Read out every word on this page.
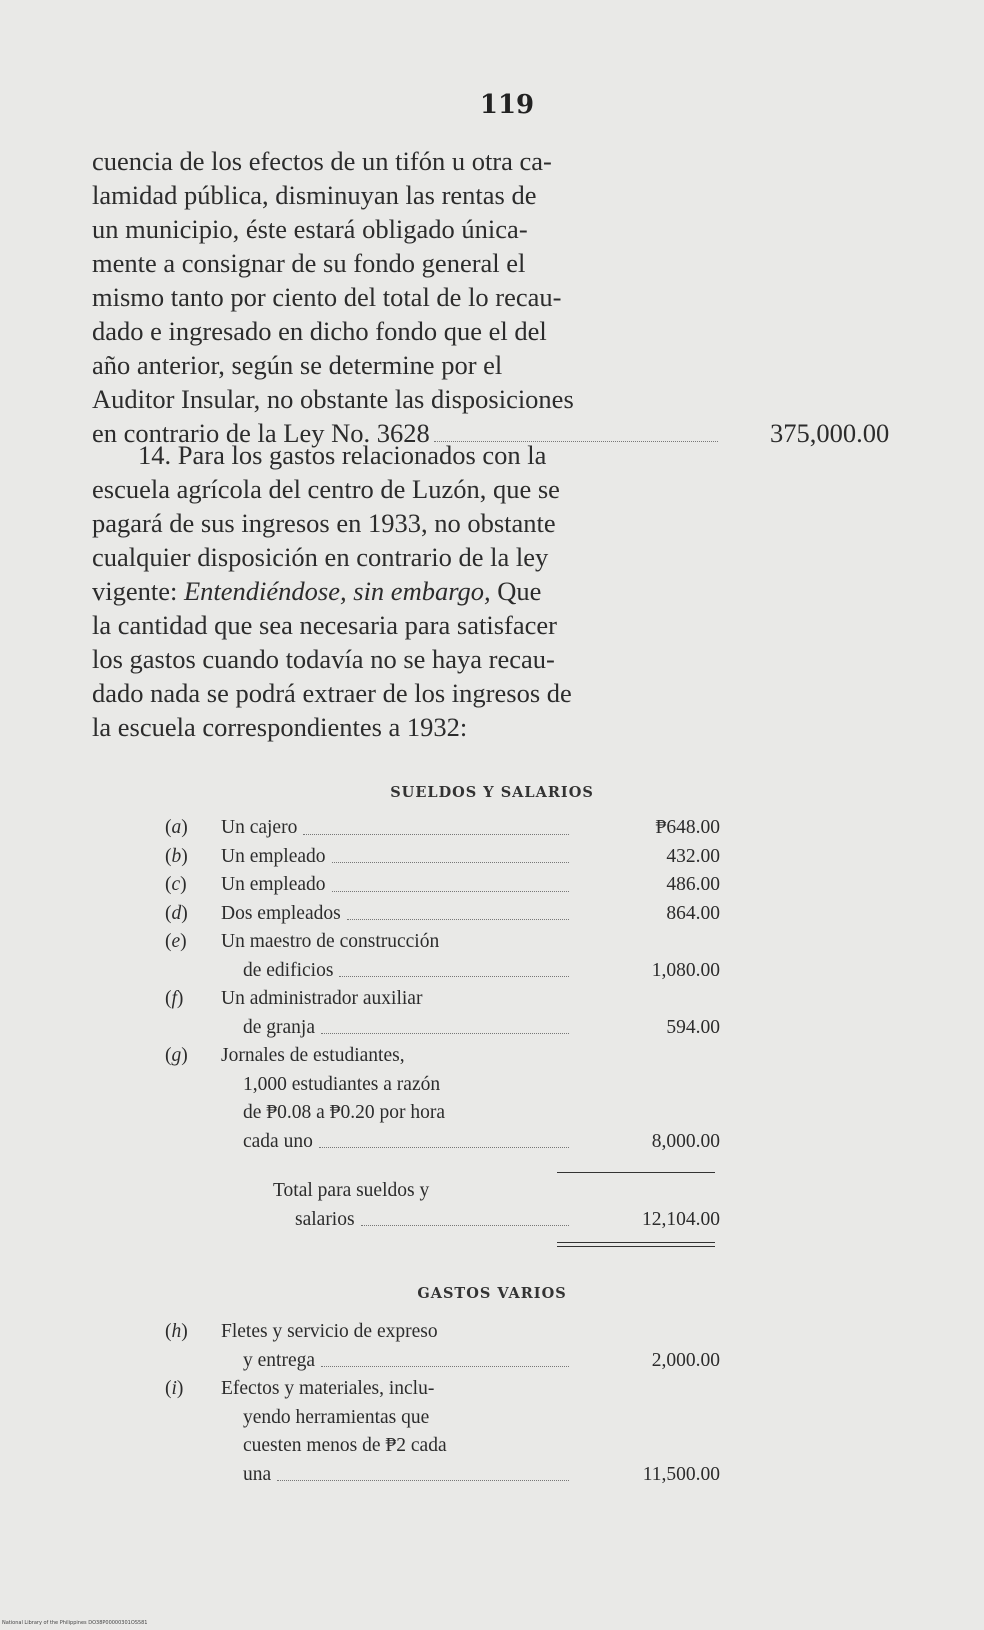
119

cuencia de los efectos de un tifón u otra ca-

lamidad pública, disminuyan las rentas de

un municipio, éste estará obligado única-

mente a consignar de su fondo general el

mismo tanto por ciento del total de lo recau-

dado e ingresado en dicho fondo que el del

año anterior, según se determine por el

Auditor Insular, no obstante las disposiciones

en contrario de la Ley No. 3628	375,000.00

14. Para los gastos relacionados con la

escuela agrícola del centro de Luzón, que se

pagará de sus ingresos en 1933, no obstante

cualquier disposición en contrario de la ley

vigente: Entendiéndose, sin embargo, Que

la cantidad que sea necesaria para satisfacer

los gastos cuando todavía no se haya recau-

dado nada se podrá extraer de los ingresos de

la escuela correspondientes a 1932:

SUELDOS Y SALARIOS
(a)	Un cajero	₱648.00
(b)	Un empleado	432.00
(c)	Un empleado	486.00
(d)	Dos empleados	864.00
(e)	Un maestro de construcción
de edificios	1,080.00
(f)	Un administrador auxiliar
de granja	594.00
(g)	Jornales de estudiantes,
1,000 estudiantes a razón
de ₱0.08 a ₱0.20 por hora
cada uno	8,000.00
Total para sueldos y
salarios	12,104.00
GASTOS VARIOS
(h)	Fletes y servicio de expreso
y entrega	2,000.00
(i)	Efectos y materiales, inclu-
yendo herramientas que
cuesten menos de ₱2 cada
una	11,500.00
National Library of the Philippines DO38P00000301OS581
